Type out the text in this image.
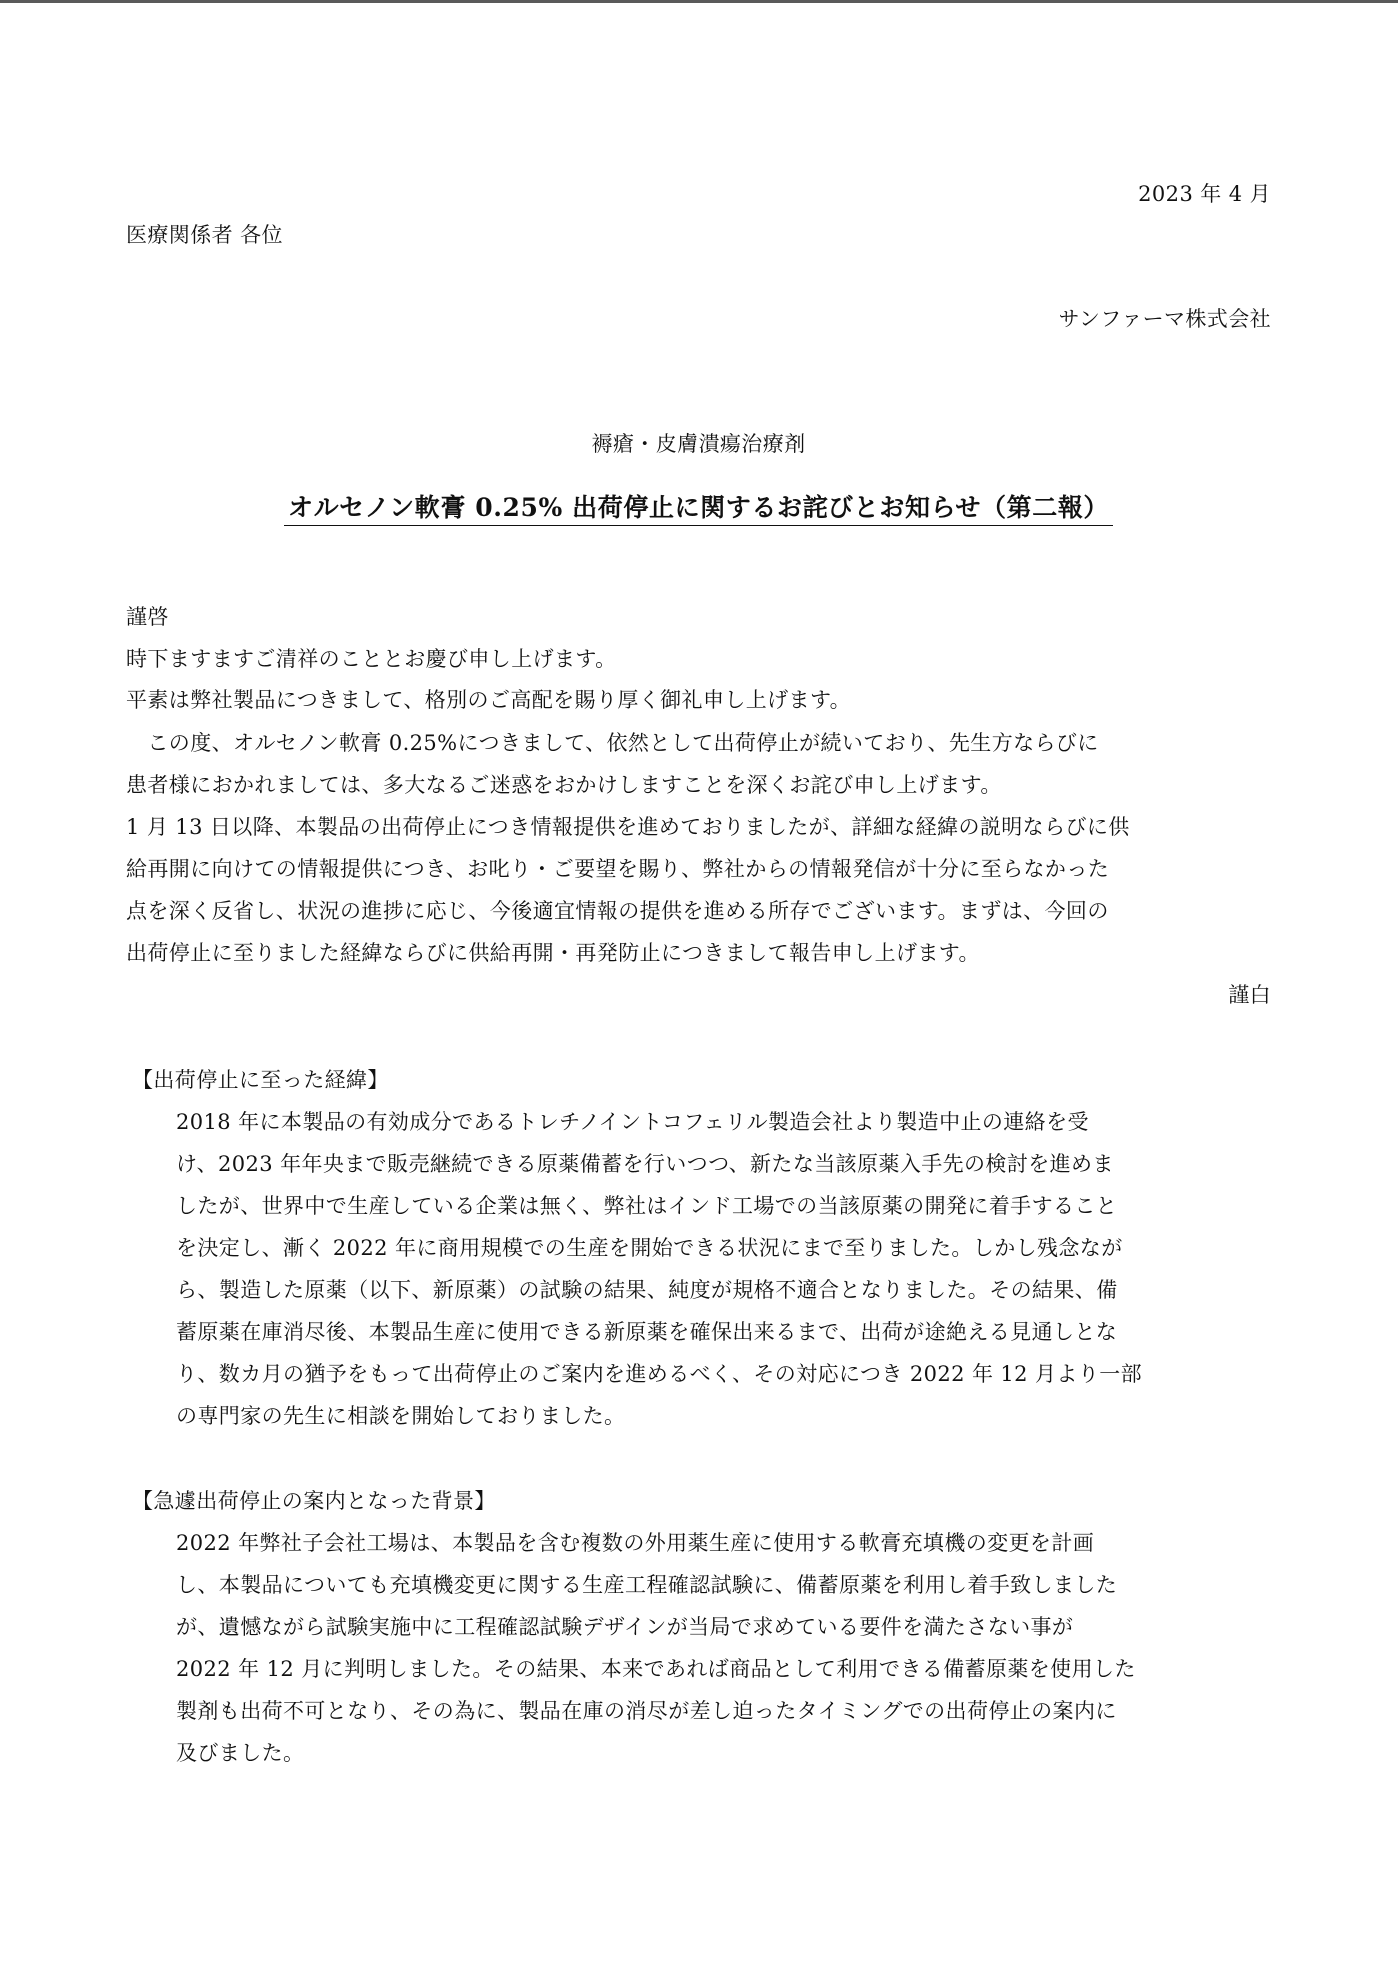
2023 年 4 月
医療関係者 各位
サンファーマ株式会社
褥瘡・皮膚潰瘍治療剤
オルセノン軟膏 0.25% 出荷停止に関するお詫びとお知らせ（第二報）
謹啓
時下ますますご清祥のこととお慶び申し上げます。
平素は弊社製品につきまして、格別のご高配を賜り厚く御礼申し上げます。
　この度、オルセノン軟膏 0.25%につきまして、依然として出荷停止が続いており、先生方ならびに
患者様におかれましては、多大なるご迷惑をおかけしますことを深くお詫び申し上げます。
1 月 13 日以降、本製品の出荷停止につき情報提供を進めておりましたが、詳細な経緯の説明ならびに供
給再開に向けての情報提供につき、お叱り・ご要望を賜り、弊社からの情報発信が十分に至らなかった
点を深く反省し、状況の進捗に応じ、今後適宜情報の提供を進める所存でございます。まずは、今回の
出荷停止に至りました経緯ならびに供給再開・再発防止につきまして報告申し上げます。
謹白
【出荷停止に至った経緯】
2018 年に本製品の有効成分であるトレチノイントコフェリル製造会社より製造中止の連絡を受
け、2023 年年央まで販売継続できる原薬備蓄を行いつつ、新たな当該原薬入手先の検討を進めま
したが、世界中で生産している企業は無く、弊社はインド工場での当該原薬の開発に着手すること
を決定し、漸く 2022 年に商用規模での生産を開始できる状況にまで至りました。しかし残念なが
ら、製造した原薬（以下、新原薬）の試験の結果、純度が規格不適合となりました。その結果、備
蓄原薬在庫消尽後、本製品生産に使用できる新原薬を確保出来るまで、出荷が途絶える見通しとな
り、数カ月の猶予をもって出荷停止のご案内を進めるべく、その対応につき 2022 年 12 月より一部
の専門家の先生に相談を開始しておりました。
【急遽出荷停止の案内となった背景】
2022 年弊社子会社工場は、本製品を含む複数の外用薬生産に使用する軟膏充填機の変更を計画
し、本製品についても充填機変更に関する生産工程確認試験に、備蓄原薬を利用し着手致しました
が、遺憾ながら試験実施中に工程確認試験デザインが当局で求めている要件を満たさない事が
2022 年 12 月に判明しました。その結果、本来であれば商品として利用できる備蓄原薬を使用した
製剤も出荷不可となり、その為に、製品在庫の消尽が差し迫ったタイミングでの出荷停止の案内に
及びました。
